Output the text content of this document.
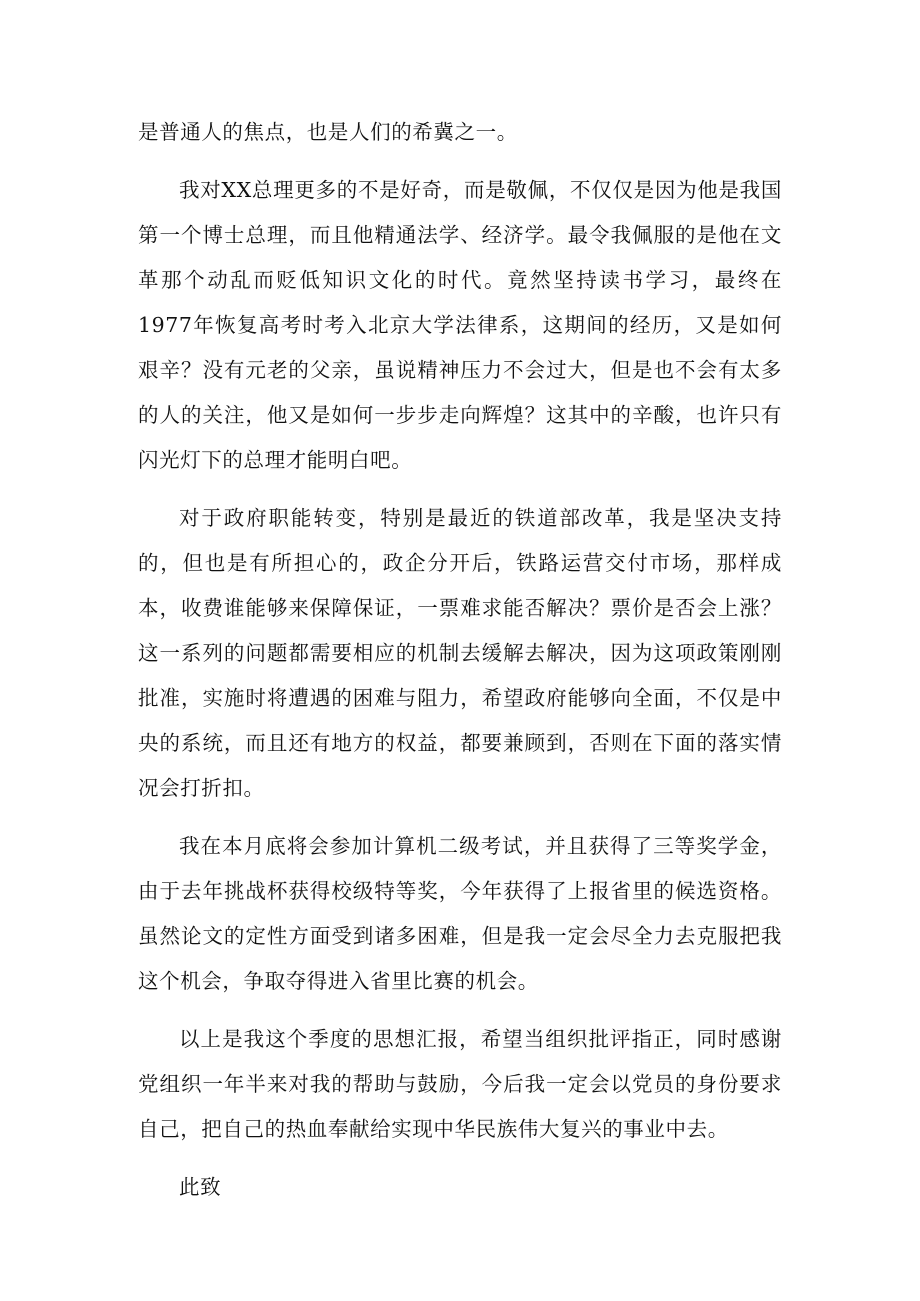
是普通人的焦点，也是人们的希冀之一。

我对XX总理更多的不是好奇，而是敬佩，不仅仅是因为他是我国第一个博士总理，而且他精通法学、经济学。最令我佩服的是他在文革那个动乱而贬低知识文化的时代。竟然坚持读书学习，最终在1977年恢复高考时考入北京大学法律系，这期间的经历，又是如何艰辛？没有元老的父亲，虽说精神压力不会过大，但是也不会有太多的人的关注，他又是如何一步步走向辉煌？这其中的辛酸，也许只有闪光灯下的总理才能明白吧。

对于政府职能转变，特别是最近的铁道部改革，我是坚决支持的，但也是有所担心的，政企分开后，铁路运营交付市场，那样成本，收费谁能够来保障保证，一票难求能否解决？票价是否会上涨？这一系列的问题都需要相应的机制去缓解去解决，因为这项政策刚刚批准，实施时将遭遇的困难与阻力，希望政府能够向全面，不仅是中央的系统，而且还有地方的权益，都要兼顾到，否则在下面的落实情况会打折扣。

我在本月底将会参加计算机二级考试，并且获得了三等奖学金，由于去年挑战杯获得校级特等奖，今年获得了上报省里的候选资格。虽然论文的定性方面受到诸多困难，但是我一定会尽全力去克服把我这个机会，争取夺得进入省里比赛的机会。

以上是我这个季度的思想汇报，希望当组织批评指正，同时感谢党组织一年半来对我的帮助与鼓励，今后我一定会以党员的身份要求自己，把自己的热血奉献给实现中华民族伟大复兴的事业中去。

此致
